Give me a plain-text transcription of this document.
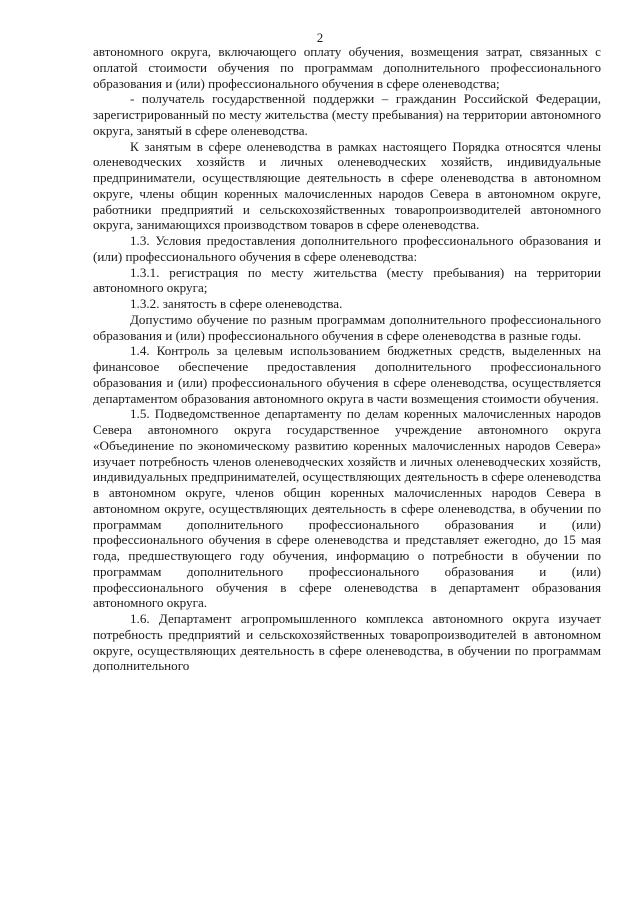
2

автономного округа, включающего оплату обучения, возмещения затрат, связанных с оплатой стоимости обучения по программам дополнительного профессионального образования и (или) профессионального обучения в сфере оленеводства;

- получатель государственной поддержки – гражданин Российской Федерации, зарегистрированный по месту жительства (месту пребывания) на территории автономного округа, занятый в сфере оленеводства.

К занятым в сфере оленеводства в рамках настоящего Порядка относятся члены оленеводческих хозяйств и личных оленеводческих хозяйств, индивидуальные предприниматели, осуществляющие деятельность в сфере оленеводства в автономном округе, члены общин коренных малочисленных народов Севера в автономном округе, работники предприятий и сельскохозяйственных товаропроизводителей автономного округа, занимающихся производством товаров в сфере оленеводства.

1.3. Условия предоставления дополнительного профессионального образования и (или) профессионального обучения в сфере оленеводства:

1.3.1. регистрация по месту жительства (месту пребывания) на территории автономного округа;

1.3.2. занятость в сфере оленеводства.

Допустимо обучение по разным программам дополнительного профессионального образования и (или) профессионального обучения в сфере оленеводства в разные годы.

1.4. Контроль за целевым использованием бюджетных средств, выделенных на финансовое обеспечение предоставления дополнительного профессионального образования и (или) профессионального обучения в сфере оленеводства, осуществляется департаментом образования автономного округа в части возмещения стоимости обучения.

1.5. Подведомственное департаменту по делам коренных малочисленных народов Севера автономного округа государственное учреждение автономного округа «Объединение по экономическому развитию коренных малочисленных народов Севера» изучает потребность членов оленеводческих хозяйств и личных оленеводческих хозяйств, индивидуальных предпринимателей, осуществляющих деятельность в сфере оленеводства в автономном округе, членов общин коренных малочисленных народов Севера в автономном округе, осуществляющих деятельность в сфере оленеводства, в обучении по программам дополнительного профессионального образования и (или) профессионального обучения в сфере оленеводства и представляет ежегодно, до 15 мая года, предшествующего году обучения, информацию о потребности в обучении по программам дополнительного профессионального образования и (или) профессионального обучения в сфере оленеводства в департамент образования автономного округа.

1.6. Департамент агропромышленного комплекса автономного округа изучает потребность предприятий и сельскохозяйственных товаропроизводителей в автономном округе, осуществляющих деятельность в сфере оленеводства, в обучении по программам дополнительного
